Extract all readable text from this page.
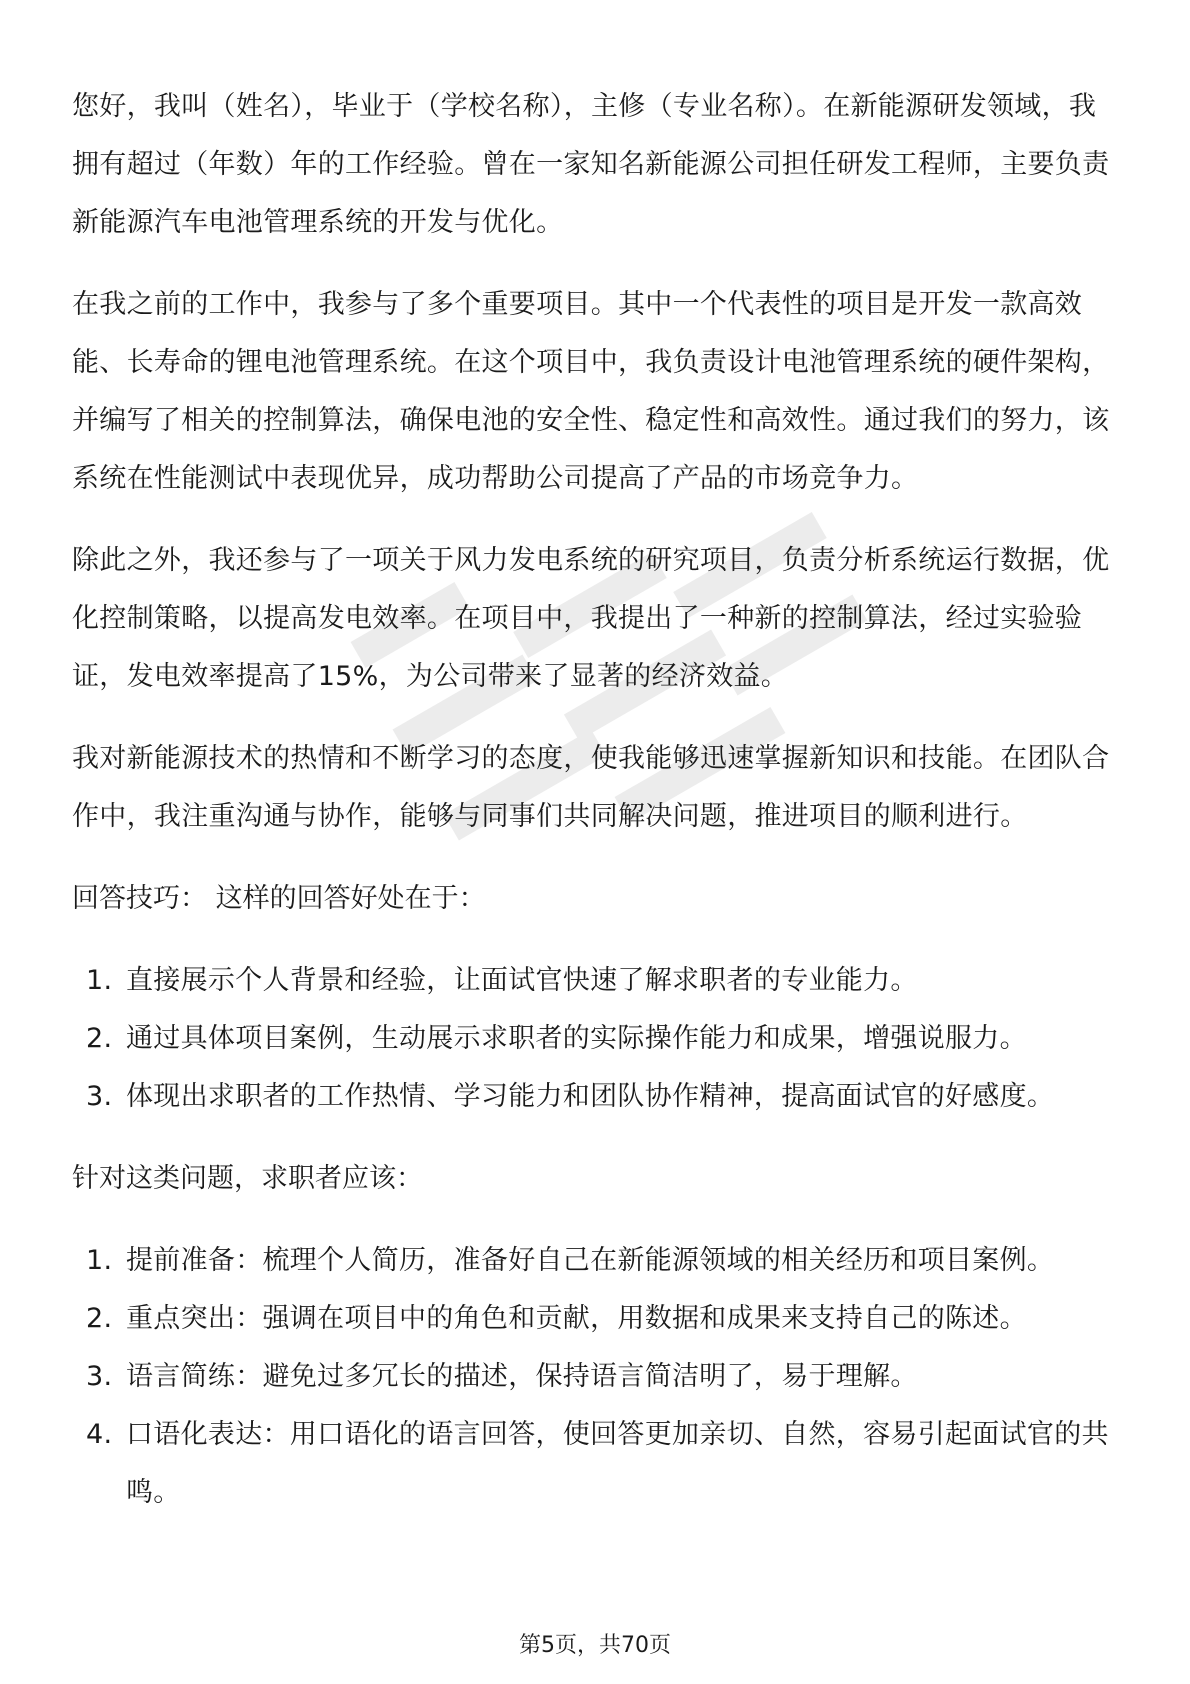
您好，我叫（姓名），毕业于（学校名称），主修（专业名称）。在新能源研发领域，我拥有超过（年数）年的工作经验。曾在一家知名新能源公司担任研发工程师，主要负责新能源汽车电池管理系统的开发与优化。

在我之前的工作中，我参与了多个重要项目。其中一个代表性的项目是开发一款高效能、长寿命的锂电池管理系统。在这个项目中，我负责设计电池管理系统的硬件架构，并编写了相关的控制算法，确保电池的安全性、稳定性和高效性。通过我们的努力，该系统在性能测试中表现优异，成功帮助公司提高了产品的市场竞争力。

除此之外，我还参与了一项关于风力发电系统的研究项目，负责分析系统运行数据，优化控制策略，以提高发电效率。在项目中，我提出了一种新的控制算法，经过实验验证，发电效率提高了15%，为公司带来了显著的经济效益。

我对新能源技术的热情和不断学习的态度，使我能够迅速掌握新知识和技能。在团队合作中，我注重沟通与协作，能够与同事们共同解决问题，推进项目的顺利进行。

回答技巧： 这样的回答好处在于：

1. 直接展示个人背景和经验，让面试官快速了解求职者的专业能力。
2. 通过具体项目案例，生动展示求职者的实际操作能力和成果，增强说服力。
3. 体现出求职者的工作热情、学习能力和团队协作精神，提高面试官的好感度。

针对这类问题，求职者应该：

1. 提前准备：梳理个人简历，准备好自己在新能源领域的相关经历和项目案例。
2. 重点突出：强调在项目中的角色和贡献，用数据和成果来支持自己的陈述。
3. 语言简练：避免过多冗长的描述，保持语言简洁明了，易于理解。
4. 口语化表达：用口语化的语言回答，使回答更加亲切、自然，容易引起面试官的共鸣。
第5页，共70页
